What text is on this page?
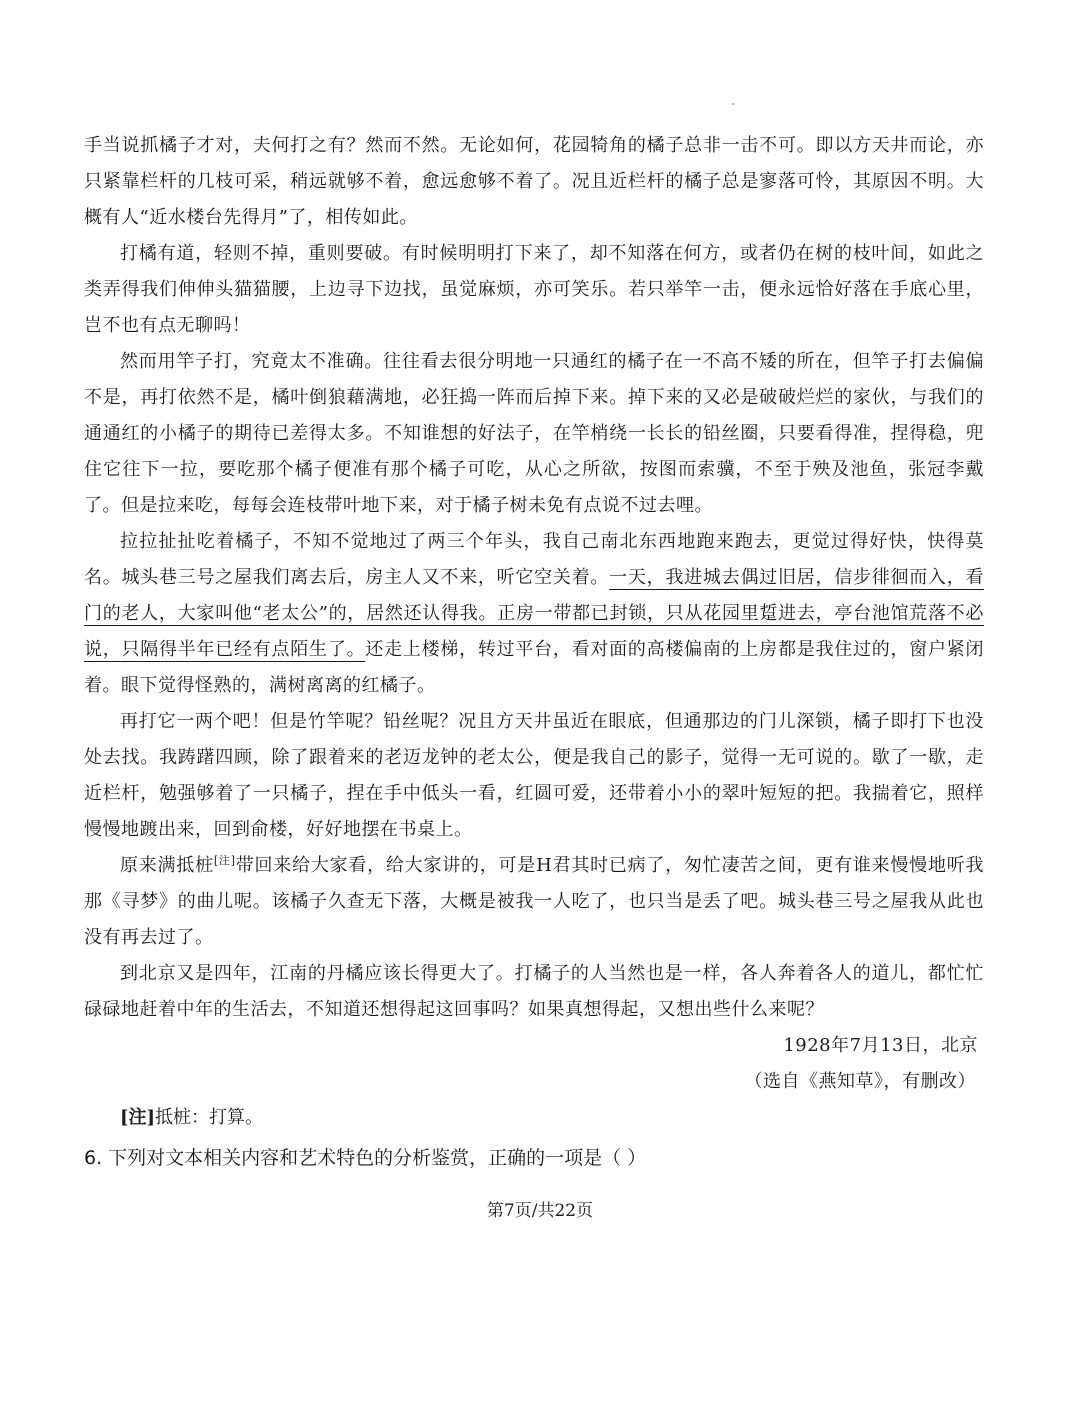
手当说抓橘子才对，夫何打之有？然而不然。无论如何，花园犄角的橘子总非一击不可。即以方天井而论，亦只紧靠栏杆的几枝可采，稍远就够不着，愈远愈够不着了。况且近栏杆的橘子总是寥落可怜，其原因不明。大概有人“近水楼台先得月”了，相传如此。

打橘有道，轻则不掉，重则要破。有时候明明打下来了，却不知落在何方，或者仍在树的枝叶间，如此之类弄得我们伸伸头猫猫腰，上边寻下边找，虽觉麻烦，亦可笑乐。若只举竿一击，便永远恰好落在手底心里，岂不也有点无聊吗！

然而用竿子打，究竟太不准确。往往看去很分明地一只通红的橘子在一不高不矮的所在，但竿子打去偏偏不是，再打依然不是，橘叶倒狼藉满地，必狂捣一阵而后掉下来。掉下来的又必是破破烂烂的家伙，与我们的通通红的小橘子的期待已差得太多。不知谁想的好法子，在竿梢绕一长长的铅丝圈，只要看得准，捏得稳，兜住它往下一拉，要吃那个橘子便准有那个橘子可吃，从心之所欲，按图而索骥，不至于殃及池鱼，张冠李戴了。但是拉来吃，每每会连枝带叶地下来，对于橘子树未免有点说不过去哩。

拉拉扯扯吃着橘子，不知不觉地过了两三个年头，我自己南北东西地跑来跑去，更觉过得好快，快得莫名。城头巷三号之屋我们离去后，房主人又不来，听它空关着。一天，我进城去偶过旧居，信步徘徊而入，看门的老人，大家叫他“老太公”的，居然还认得我。正房一带都已封锁，只从花园里踅进去，亭台池馆荒落不必说，只隔得半年已经有点陌生了。还走上楼梯，转过平台，看对面的高楼偏南的上房都是我住过的，窗户紧闭着。眼下觉得怪熟的，满树离离的红橘子。

再打它一两个吧！但是竹竿呢？铅丝呢？况且方天井虽近在眼底，但通那边的门儿深锁，橘子即打下也没处去找。我踌躇四顾，除了跟着来的老迈龙钟的老太公，便是我自己的影子，觉得一无可说的。歇了一歇，走近栏杆，勉强够着了一只橘子，捏在手中低头一看，红圆可爱，还带着小小的翠叶短短的把。我揣着它，照样慢慢地踱出来，回到俞楼，好好地摆在书桌上。

原来满抵桩[注]带回来给大家看，给大家讲的，可是H君其时已病了，匆忙凄苦之间，更有谁来慢慢地听我那《寻梦》的曲儿呢。该橘子久查无下落，大概是被我一人吃了，也只当是丢了吧。城头巷三号之屋我从此也没有再去过了。

到北京又是四年，江南的丹橘应该长得更大了。打橘子的人当然也是一样，各人奔着各人的道儿，都忙忙碌碌地赶着中年的生活去，不知道还想得起这回事吗？如果真想得起，又想出些什么来呢？

1928年7月13日，北京

（选自《燕知草》，有删改）

[注]抵桩：打算。

6. 下列对文本相关内容和艺术特色的分析鉴赏，正确的一项是（ ）

第7页/共22页
